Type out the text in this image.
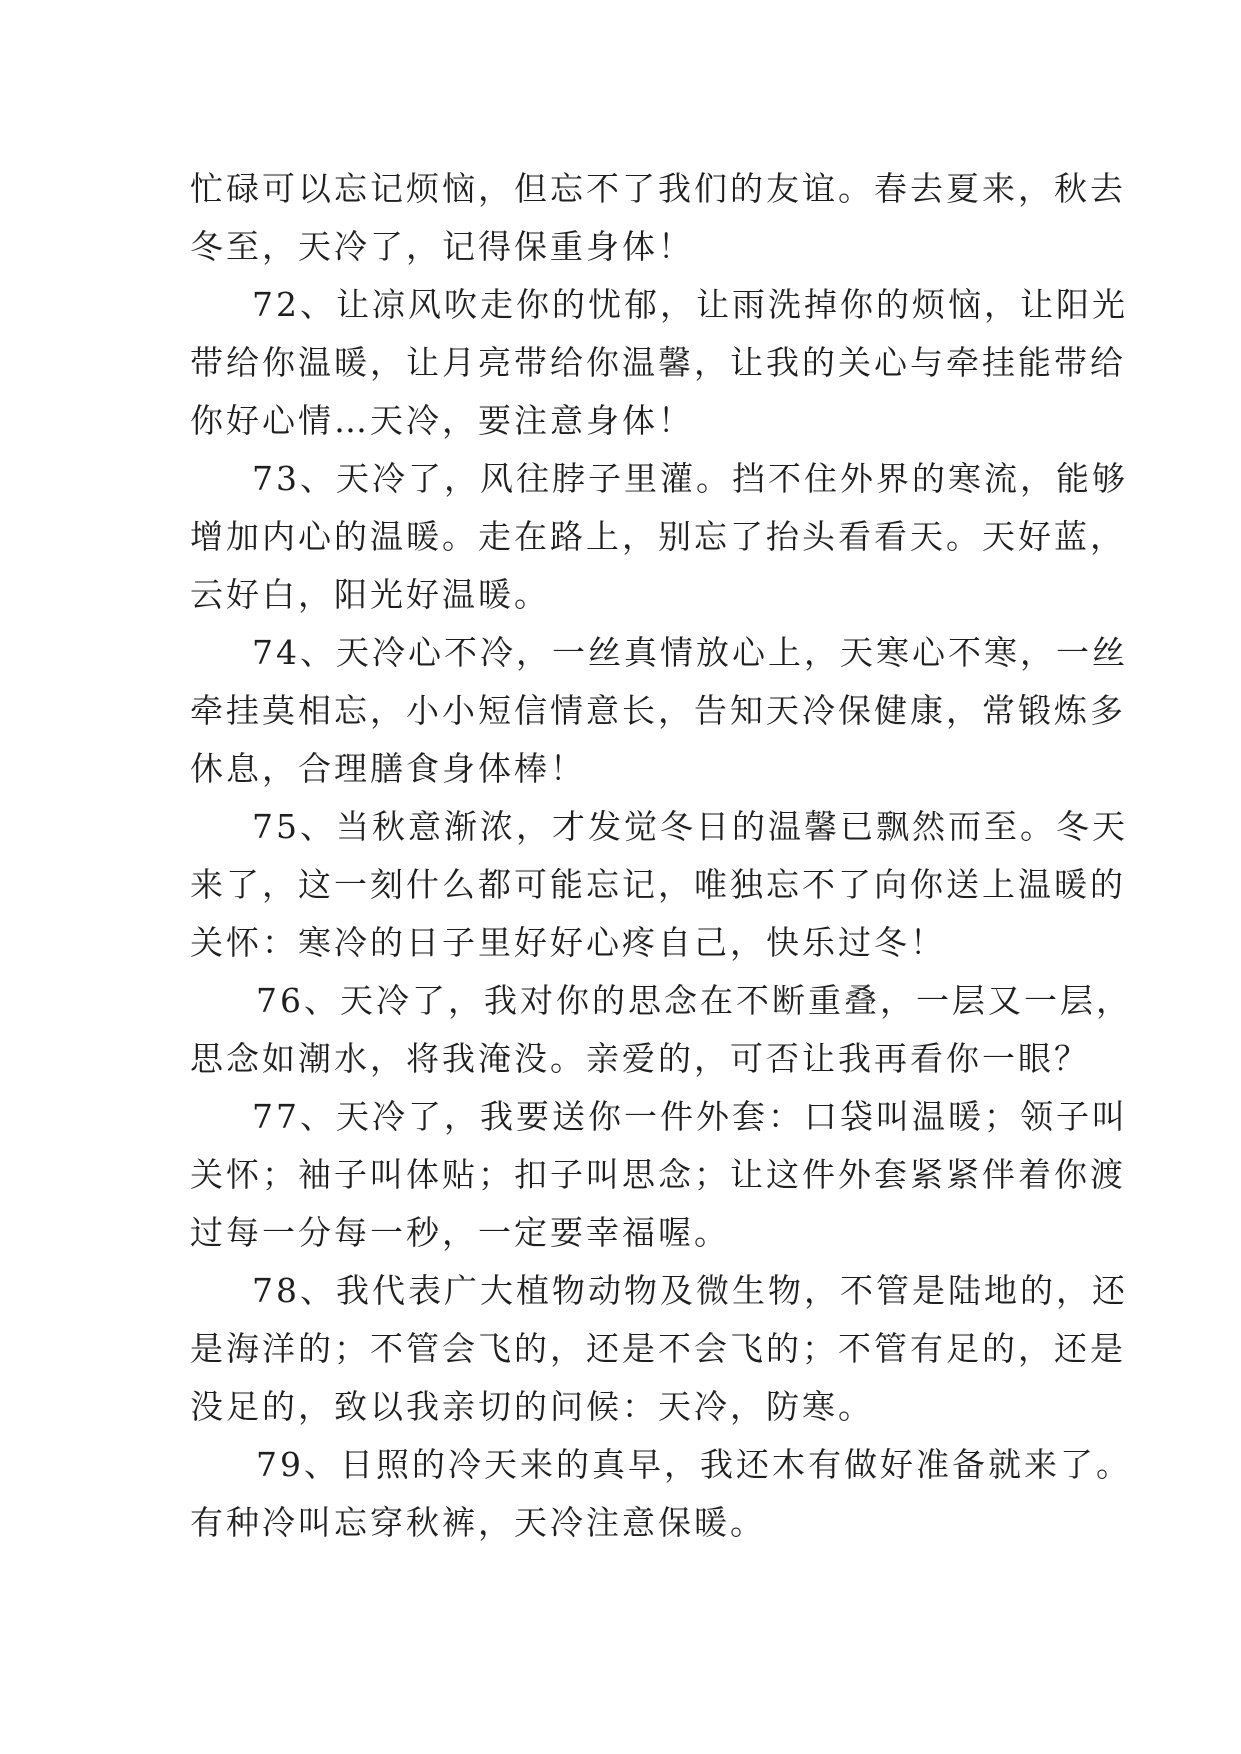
忙碌可以忘记烦恼，但忘不了我们的友谊。春去夏来，秋去
冬至，天冷了，记得保重身体！
72、让凉风吹走你的忧郁，让雨洗掉你的烦恼，让阳光
带给你温暖，让月亮带给你温馨，让我的关心与牵挂能带给
你好心情…天冷，要注意身体！
73、天冷了，风往脖子里灌。挡不住外界的寒流，能够
增加内心的温暖。走在路上，别忘了抬头看看天。天好蓝，
云好白，阳光好温暖。
74、天冷心不冷，一丝真情放心上，天寒心不寒，一丝
牵挂莫相忘，小小短信情意长，告知天冷保健康，常锻炼多
休息，合理膳食身体棒！
75、当秋意渐浓，才发觉冬日的温馨已飘然而至。冬天
来了，这一刻什么都可能忘记，唯独忘不了向你送上温暖的
关怀：寒冷的日子里好好心疼自己，快乐过冬！
76、天冷了，我对你的思念在不断重叠，一层又一层，
思念如潮水，将我淹没。亲爱的，可否让我再看你一眼？
77、天冷了，我要送你一件外套：口袋叫温暖；领子叫
关怀；袖子叫体贴；扣子叫思念；让这件外套紧紧伴着你渡
过每一分每一秒，一定要幸福喔。
78、我代表广大植物动物及微生物，不管是陆地的，还
是海洋的；不管会飞的，还是不会飞的；不管有足的，还是
没足的，致以我亲切的问候：天冷，防寒。
79、日照的冷天来的真早，我还木有做好准备就来了。
有种冷叫忘穿秋裤，天冷注意保暖。
